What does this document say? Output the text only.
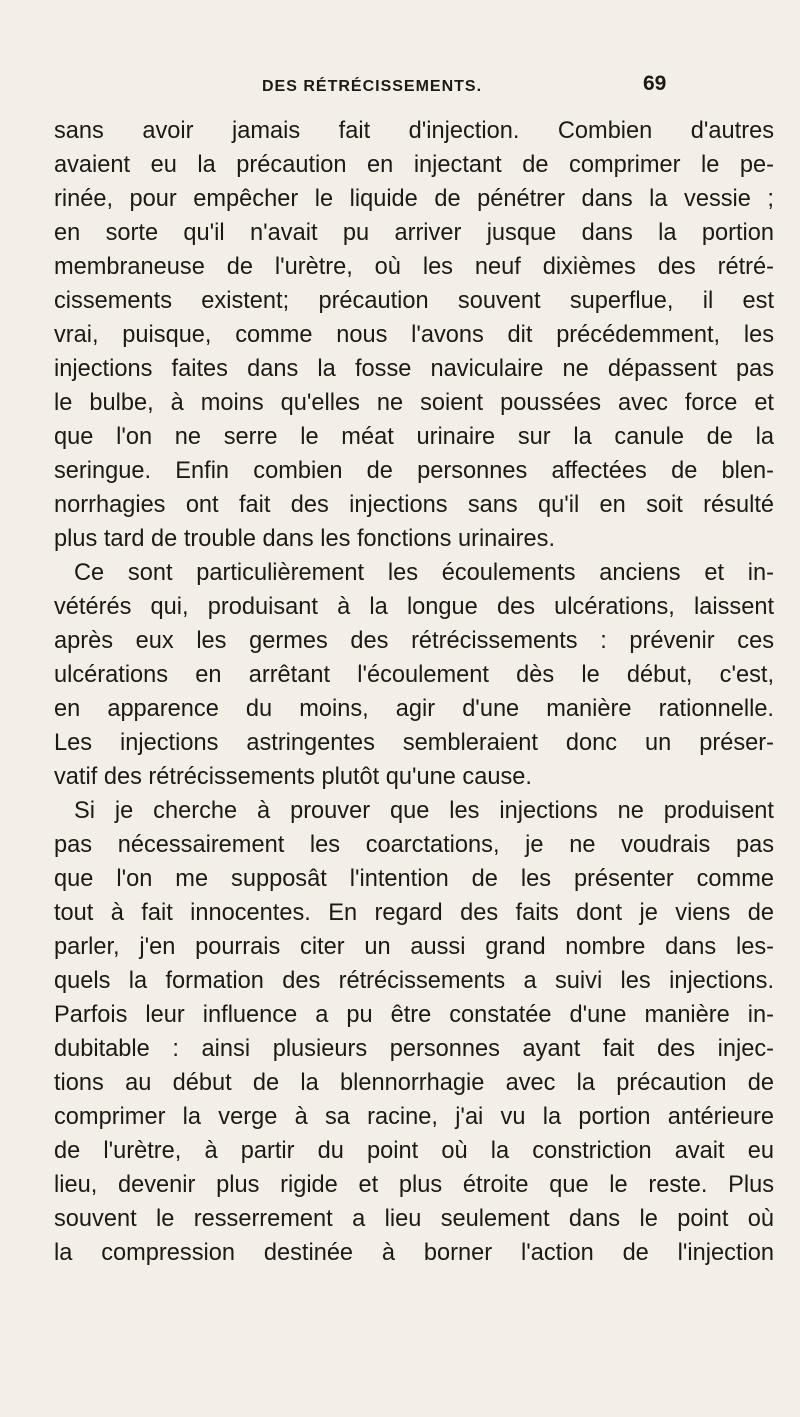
DES RÉTRÉCISSEMENTS.	69
sans avoir jamais fait d'injection. Combien d'autres
avaient eu la précaution en injectant de comprimer le pe-
rinée, pour empêcher le liquide de pénétrer dans la vessie ;
en sorte qu'il n'avait pu arriver jusque dans la portion
membraneuse de l'urètre, où les neuf dixièmes des rétré-
cissements existent; précaution souvent superflue, il est
vrai, puisque, comme nous l'avons dit précédemment, les
injections faites dans la fosse naviculaire ne dépassent pas
le bulbe, à moins qu'elles ne soient poussées avec force et
que l'on ne serre le méat urinaire sur la canule de la
seringue. Enfin combien de personnes affectées de blen-
norrhagies ont fait des injections sans qu'il en soit résulté
plus tard de trouble dans les fonctions urinaires.
Ce sont particulièrement les écoulements anciens et in-
vétérés qui, produisant à la longue des ulcérations, laissent
après eux les germes des rétrécissements : prévenir ces
ulcérations en arrêtant l'écoulement dès le début, c'est,
en apparence du moins, agir d'une manière rationnelle.
Les injections astringentes sembleraient donc un préser-
vatif des rétrécissements plutôt qu'une cause.
Si je cherche à prouver que les injections ne produisent
pas nécessairement les coarctations, je ne voudrais pas
que l'on me supposât l'intention de les présenter comme
tout à fait innocentes. En regard des faits dont je viens de
parler, j'en pourrais citer un aussi grand nombre dans les-
quels la formation des rétrécissements a suivi les injections.
Parfois leur influence a pu être constatée d'une manière in-
dubitable : ainsi plusieurs personnes ayant fait des injec-
tions au début de la blennorrhagie avec la précaution de
comprimer la verge à sa racine, j'ai vu la portion antérieure
de l'urètre, à partir du point où la constriction avait eu
lieu, devenir plus rigide et plus étroite que le reste. Plus
souvent le resserrement a lieu seulement dans le point où
la compression destinée à borner l'action de l'injection
